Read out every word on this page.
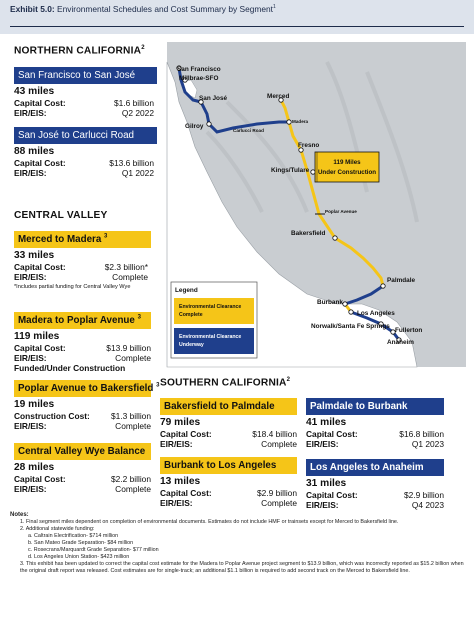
Exhibit 5.0: Environmental Schedules and Cost Summary by Segment$^1$
NORTHERN CALIFORNIA$^2$
San Francisco to San José
43 miles
Capital Cost:	$1.6 billion
EIR/EIS:	Q2 2022
San José to Carlucci Road
88 miles
Capital Cost:	$13.6 billion
EIR/EIS:	Q1 2022
CENTRAL VALLEY
Merced to Madera $^3$
33 miles
Capital Cost:	$2.3 billion*
EIR/EIS:	Complete
*Includes partial funding for Central Valley Wye
Madera to Poplar Avenue $^3$
119 miles
Capital Cost:	$13.9 billion
EIR/EIS:	Complete
Funded/Under Construction
Poplar Avenue to Bakersfield $^3$
19 miles
Construction Cost:	$1.3 billion
EIR/EIS:	Complete
Central Valley Wye Balance
28 miles
Capital Cost:	$2.2 billion
EIR/EIS:	Complete
San Francisco
Millbrae-SFO
San José
Gilroy
Merced
Fresno
Kings/Tulare
Bakersfield
Palmdale
Burbank
Los Angeles
Norwalk/Santa Fe Springs
Fullerton
Anaheim
Carlucci Road
Madera
Poplar Avenue
119 Miles
Under Construction
Legend
Environmental Clearance Complete
Environmental Clearance Underway
SOUTHERN CALIFORNIA$^2$
Bakersfield to Palmdale
79 miles
Capital Cost:	$18.4 billion
EIR/EIS:	Complete
Burbank to Los Angeles
13 miles
Capital Cost:	$2.9 billion
EIR/EIS:	Complete
Palmdale to Burbank
41 miles
Capital Cost:	$16.8 billion
EIR/EIS:	Q1 2023
Los Angeles to Anaheim
31 miles
Capital Cost:	$2.9 billion
EIR/EIS:	Q4 2023
Notes:
1. Final segment miles dependent on completion of environmental documents. Estimates do not include HMF or trainsets except for Merced to Bakersfield line.
2. Additional statewide funding:
a. Caltrain Electrification- $714 million
b. San Mateo Grade Separation- $84 million
c. Rosecrans/Marquardt Grade Separation- $77 million
d. Los Angeles Union Station- $423 million
3. This exhibit has been updated to correct the capital cost estimate for the Madera to Poplar Avenue project segment to $13.9 billion, which was incorrectly reported as $15.2 billion when the original draft report was released. Cost estimates are for single-track; an additional $1.1 billion is required to add second track on the Merced to Bakersfield line.
